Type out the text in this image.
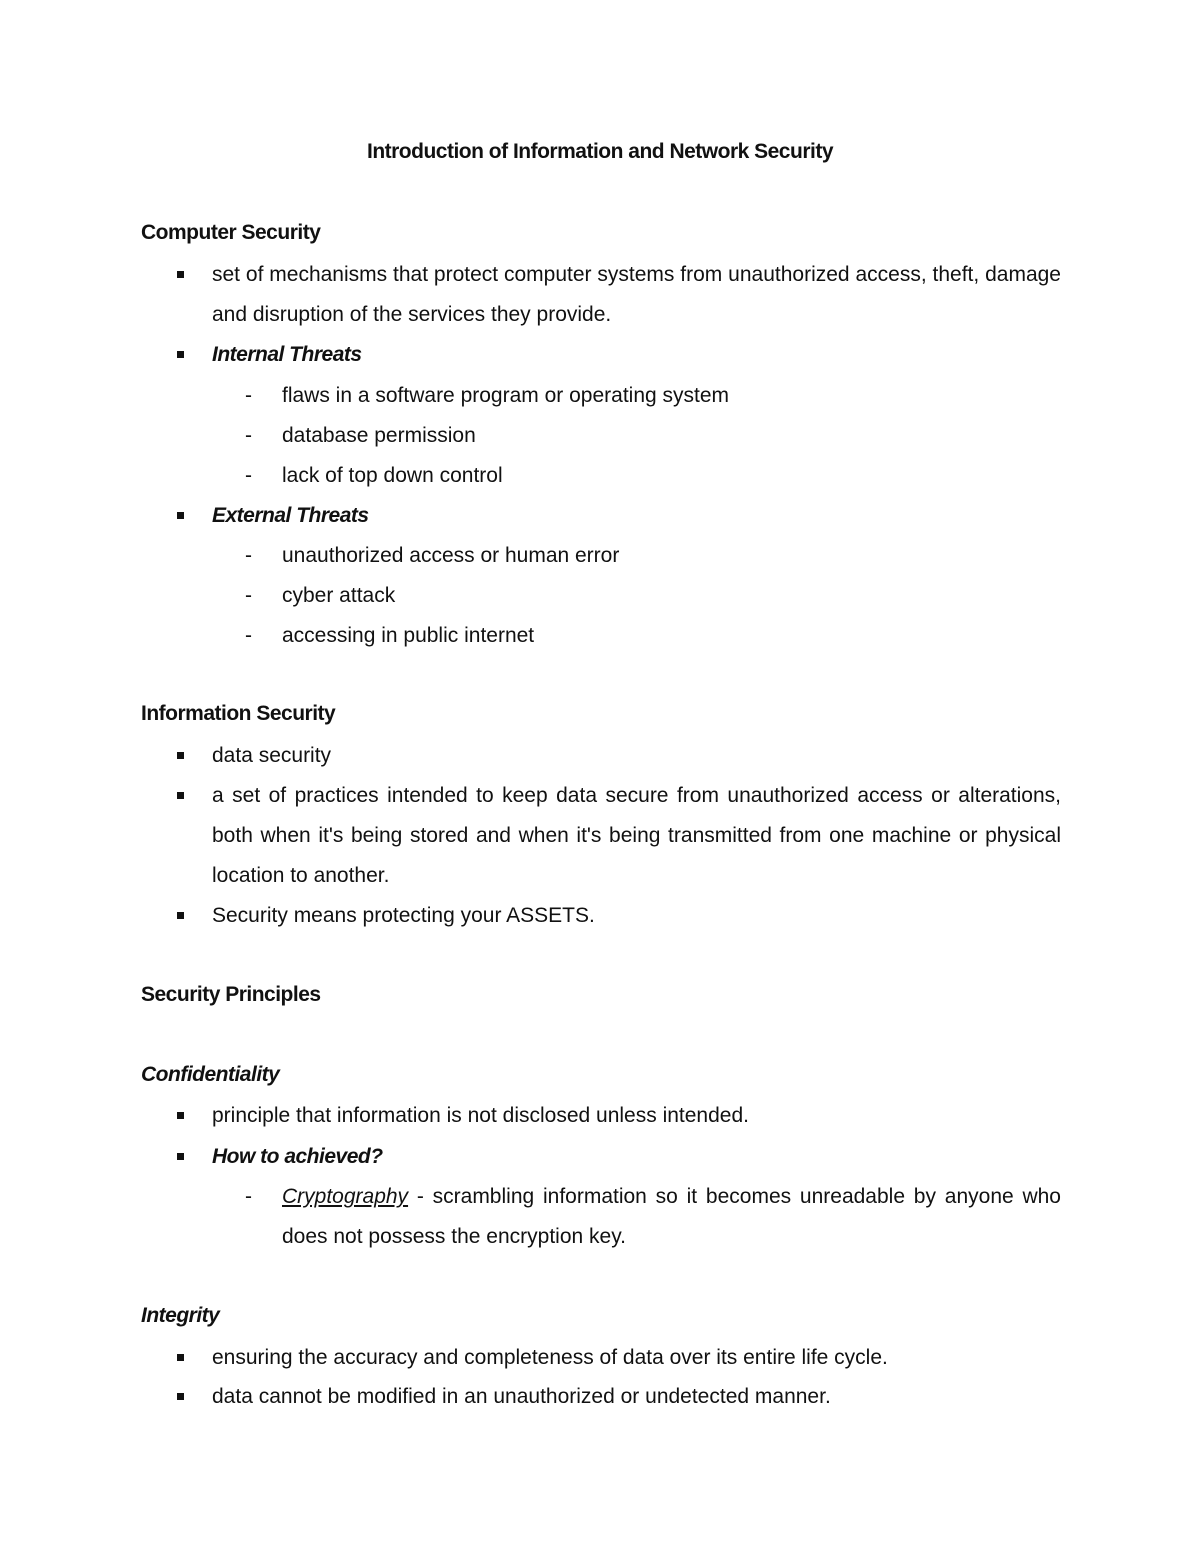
Introduction of Information and Network Security
Computer Security
set of mechanisms that protect computer systems from unauthorized access, theft, damage and disruption of the services they provide.
Internal Threats
- flaws in a software program or operating system
- database permission
- lack of top down control
External Threats
- unauthorized access or human error
- cyber attack
- accessing in public internet
Information Security
data security
a set of practices intended to keep data secure from unauthorized access or alterations, both when it's being stored and when it's being transmitted from one machine or physical location to another.
Security means protecting your ASSETS.
Security Principles
Confidentiality
principle that information is not disclosed unless intended.
How to achieved?
- Cryptography - scrambling information so it becomes unreadable by anyone who does not possess the encryption key.
Integrity
ensuring the accuracy and completeness of data over its entire life cycle.
data cannot be modified in an unauthorized or undetected manner.
